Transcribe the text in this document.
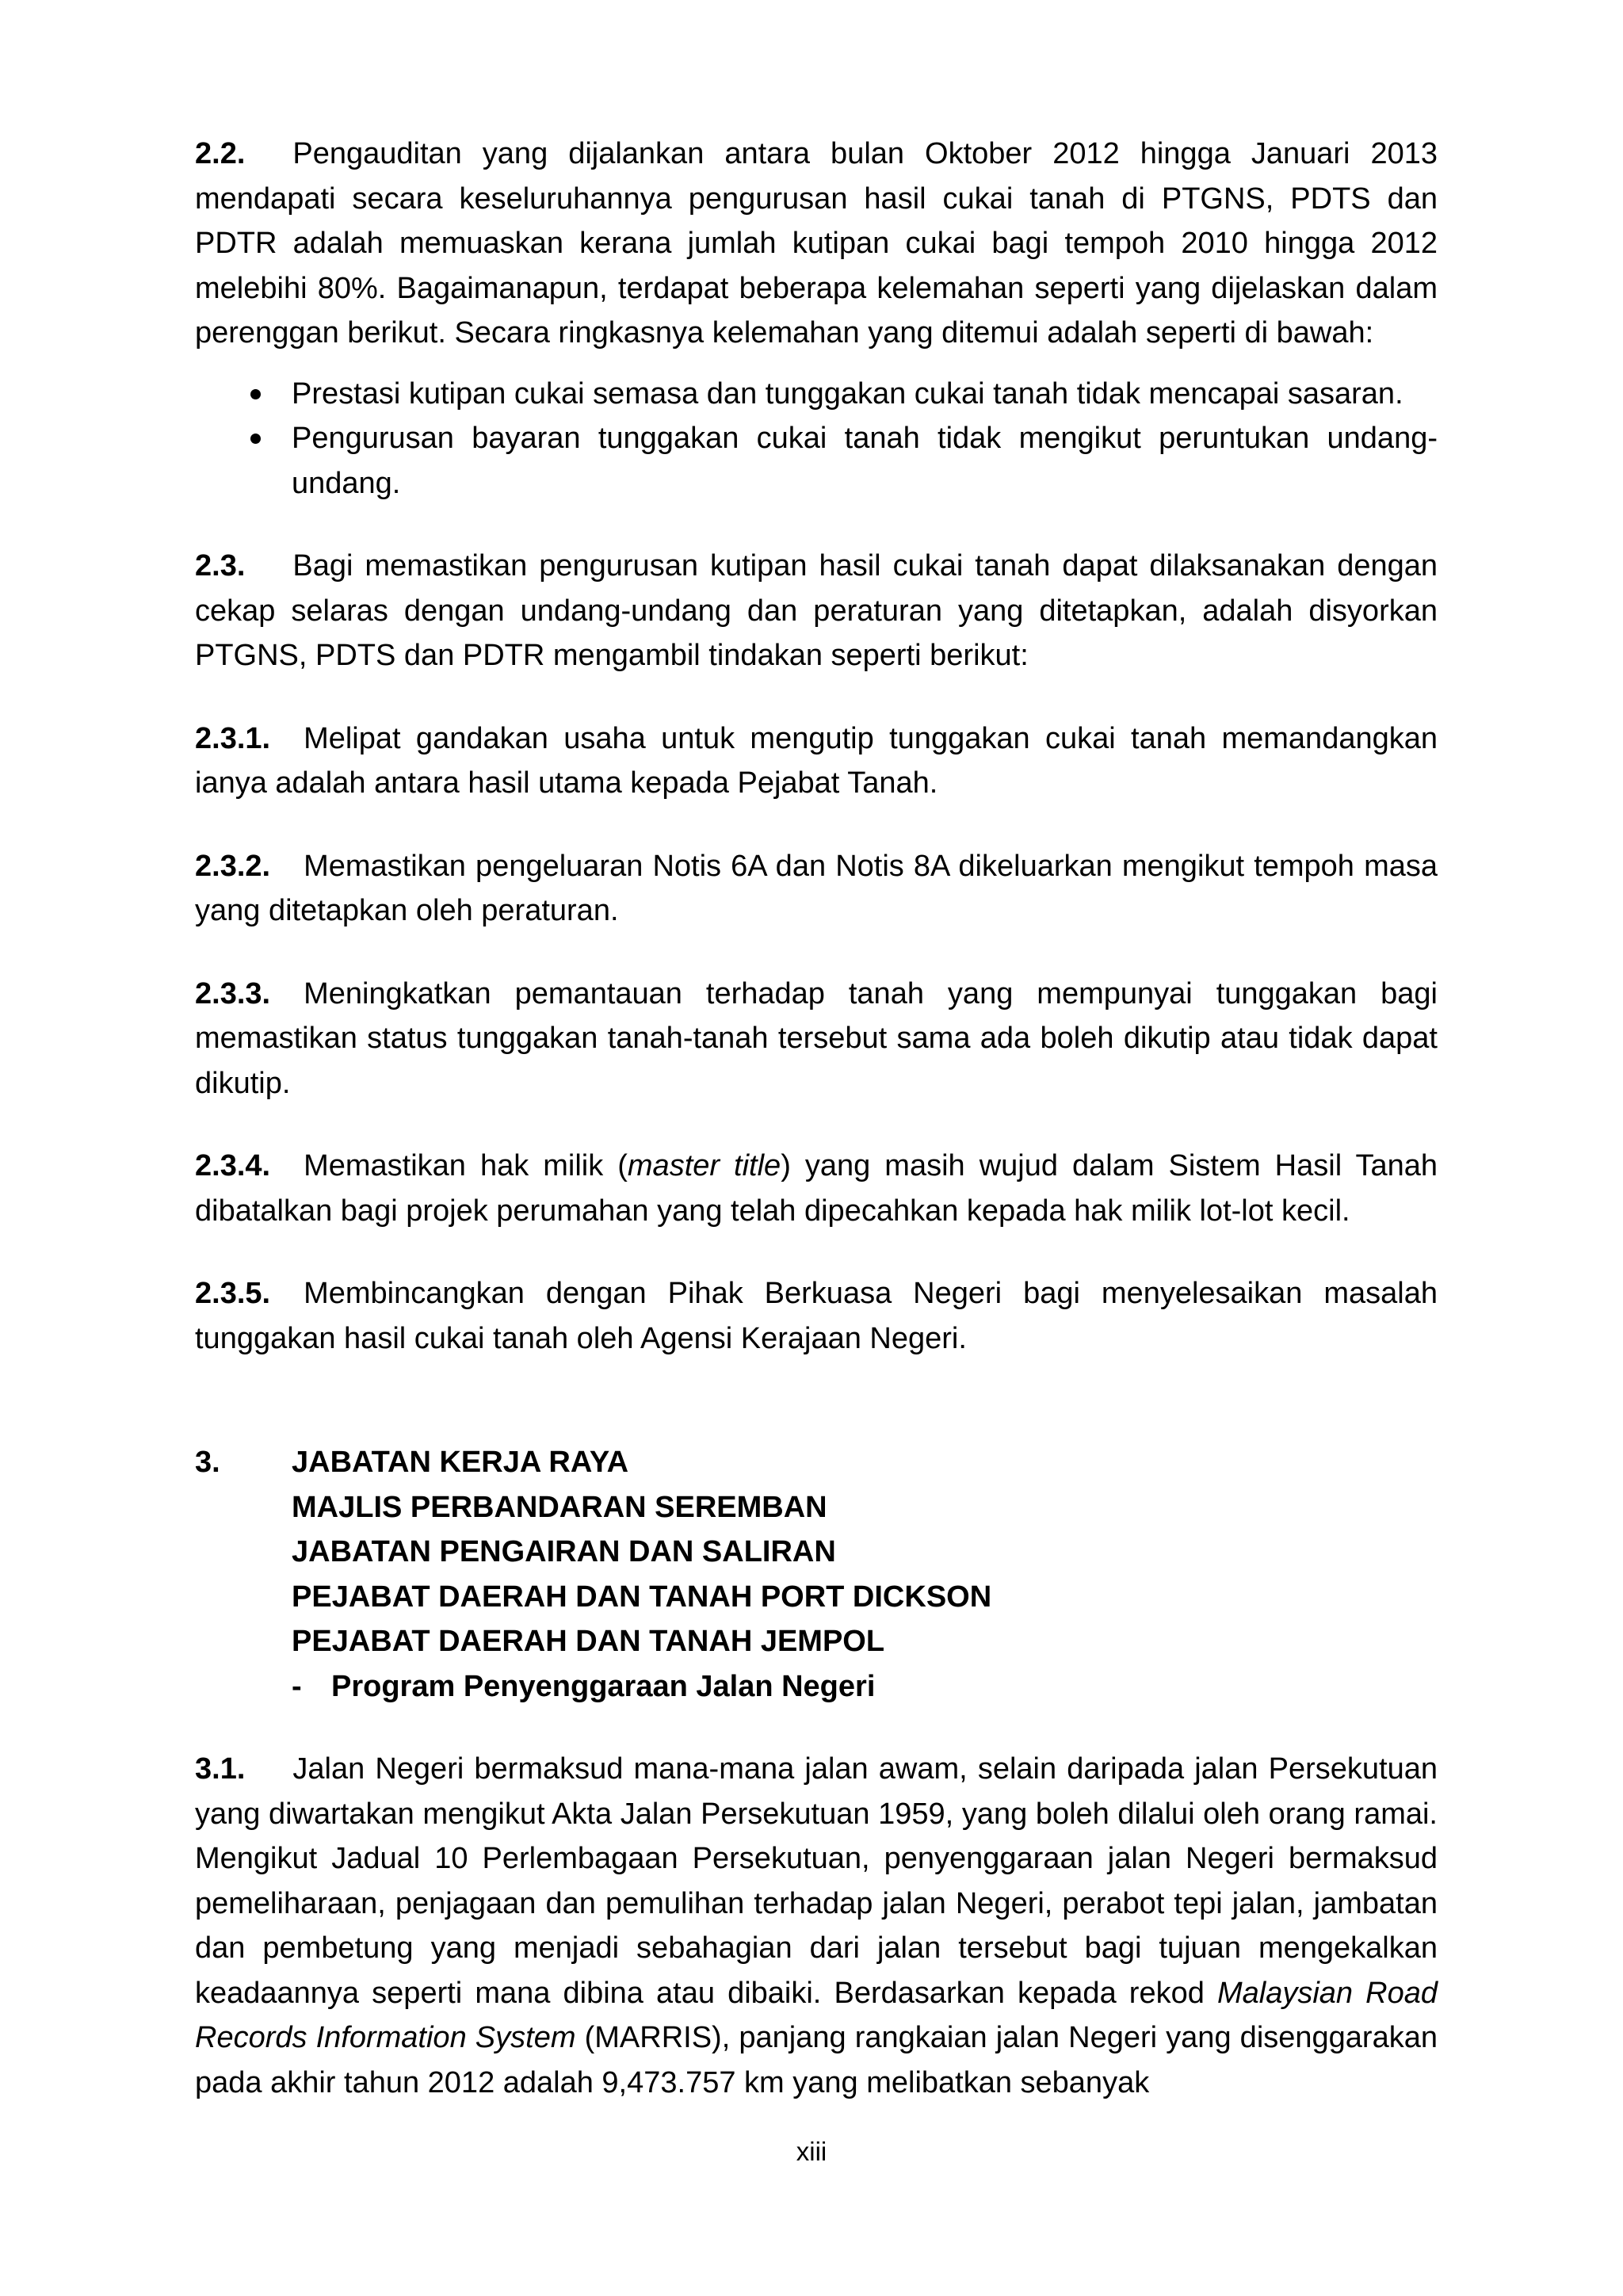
2.2. Pengauditan yang dijalankan antara bulan Oktober 2012 hingga Januari 2013 mendapati secara keseluruhannya pengurusan hasil cukai tanah di PTGNS, PDTS dan PDTR adalah memuaskan kerana jumlah kutipan cukai bagi tempoh 2010 hingga 2012 melebihi 80%. Bagaimanapun, terdapat beberapa kelemahan seperti yang dijelaskan dalam perenggan berikut. Secara ringkasnya kelemahan yang ditemui adalah seperti di bawah:

Prestasi kutipan cukai semasa dan tunggakan cukai tanah tidak mencapai sasaran.
Pengurusan bayaran tunggakan cukai tanah tidak mengikut peruntukan undang-undang.

2.3. Bagi memastikan pengurusan kutipan hasil cukai tanah dapat dilaksanakan dengan cekap selaras dengan undang-undang dan peraturan yang ditetapkan, adalah disyorkan PTGNS, PDTS dan PDTR mengambil tindakan seperti berikut:

2.3.1. Melipat gandakan usaha untuk mengutip tunggakan cukai tanah memandangkan ianya adalah antara hasil utama kepada Pejabat Tanah.

2.3.2. Memastikan pengeluaran Notis 6A dan Notis 8A dikeluarkan mengikut tempoh masa yang ditetapkan oleh peraturan.

2.3.3. Meningkatkan pemantauan terhadap tanah yang mempunyai tunggakan bagi memastikan status tunggakan tanah-tanah tersebut sama ada boleh dikutip atau tidak dapat dikutip.

2.3.4. Memastikan hak milik (master title) yang masih wujud dalam Sistem Hasil Tanah dibatalkan bagi projek perumahan yang telah dipecahkan kepada hak milik lot-lot kecil.

2.3.5. Membincangkan dengan Pihak Berkuasa Negeri bagi menyelesaikan masalah tunggakan hasil cukai tanah oleh Agensi Kerajaan Negeri.

3.	JABATAN KERJA RAYA
MAJLIS PERBANDARAN SEREMBAN
JABATAN PENGAIRAN DAN SALIRAN
PEJABAT DAERAH DAN TANAH PORT DICKSON
PEJABAT DAERAH DAN TANAH JEMPOL
- Program Penyenggaraan Jalan Negeri

3.1. Jalan Negeri bermaksud mana-mana jalan awam, selain daripada jalan Persekutuan yang diwartakan mengikut Akta Jalan Persekutuan 1959, yang boleh dilalui oleh orang ramai. Mengikut Jadual 10 Perlembagaan Persekutuan, penyenggaraan jalan Negeri bermaksud pemeliharaan, penjagaan dan pemulihan terhadap jalan Negeri, perabot tepi jalan, jambatan dan pembetung yang menjadi sebahagian dari jalan tersebut bagi tujuan mengekalkan keadaannya seperti mana dibina atau dibaiki. Berdasarkan kepada rekod Malaysian Road Records Information System (MARRIS), panjang rangkaian jalan Negeri yang disenggarakan pada akhir tahun 2012 adalah 9,473.757 km yang melibatkan sebanyak

xiii
